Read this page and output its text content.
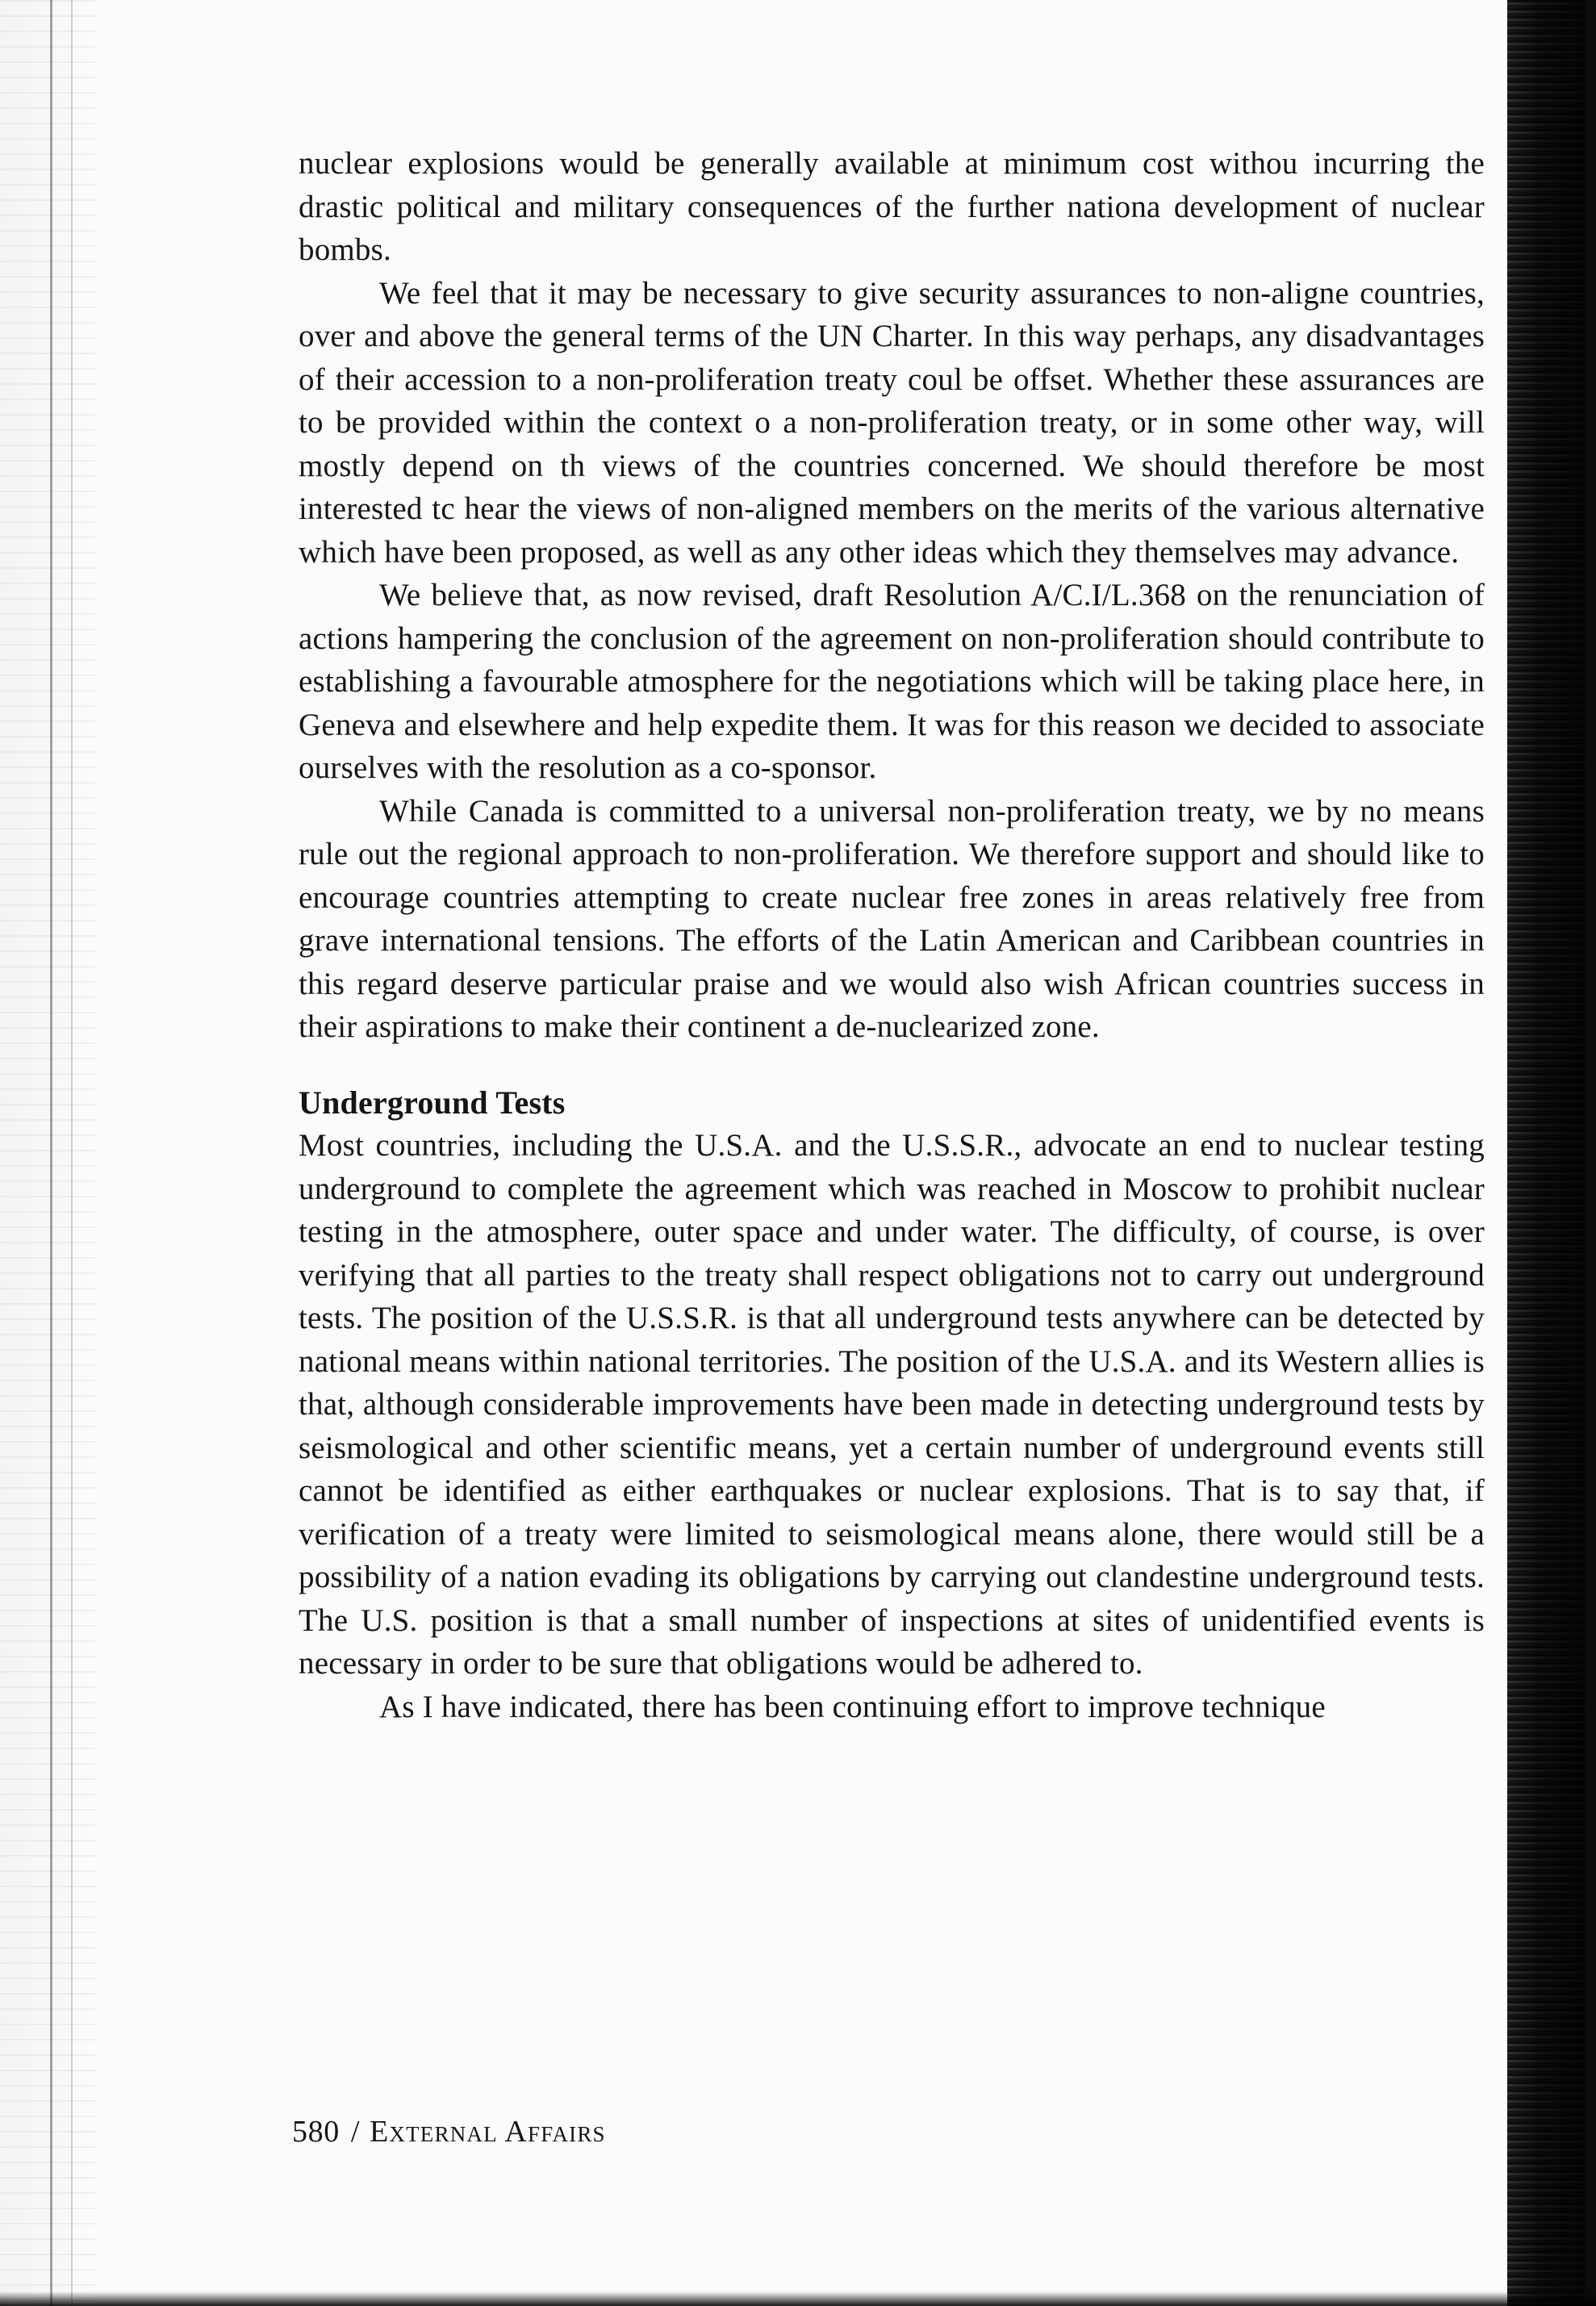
nuclear explosions would be generally available at minimum cost withou incurring the drastic political and military consequences of the further nationa development of nuclear bombs.

We feel that it may be necessary to give security assurances to non-aligne countries, over and above the general terms of the UN Charter. In this way perhaps, any disadvantages of their accession to a non-proliferation treaty coul be offset. Whether these assurances are to be provided within the context o a non-proliferation treaty, or in some other way, will mostly depend on th views of the countries concerned. We should therefore be most interested tc hear the views of non-aligned members on the merits of the various alternative which have been proposed, as well as any other ideas which they themselves may advance.

We believe that, as now revised, draft Resolution A/C.I/L.368 on the renunciation of actions hampering the conclusion of the agreement on non-proliferation should contribute to establishing a favourable atmosphere for the negotiations which will be taking place here, in Geneva and elsewhere and help expedite them. It was for this reason we decided to associate ourselves with the resolution as a co-sponsor.

While Canada is committed to a universal non-proliferation treaty, we by no means rule out the regional approach to non-proliferation. We therefore support and should like to encourage countries attempting to create nuclear free zones in areas relatively free from grave international tensions. The efforts of the Latin American and Caribbean countries in this regard deserve particular praise and we would also wish African countries success in their aspirations to make their continent a de-nuclearized zone.

Underground Tests

Most countries, including the U.S.A. and the U.S.S.R., advocate an end to nuclear testing underground to complete the agreement which was reached in Moscow to prohibit nuclear testing in the atmosphere, outer space and under water. The difficulty, of course, is over verifying that all parties to the treaty shall respect obligations not to carry out underground tests. The position of the U.S.S.R. is that all underground tests anywhere can be detected by national means within national territories. The position of the U.S.A. and its Western allies is that, although considerable improvements have been made in detecting underground tests by seismological and other scientific means, yet a certain number of underground events still cannot be identified as either earthquakes or nuclear explosions. That is to say that, if verification of a treaty were limited to seismological means alone, there would still be a possibility of a nation evading its obligations by carrying out clandestine underground tests. The U.S. position is that a small number of inspections at sites of unidentified events is necessary in order to be sure that obligations would be adhered to.

As I have indicated, there has been continuing effort to improve technique

580 / External Affairs
